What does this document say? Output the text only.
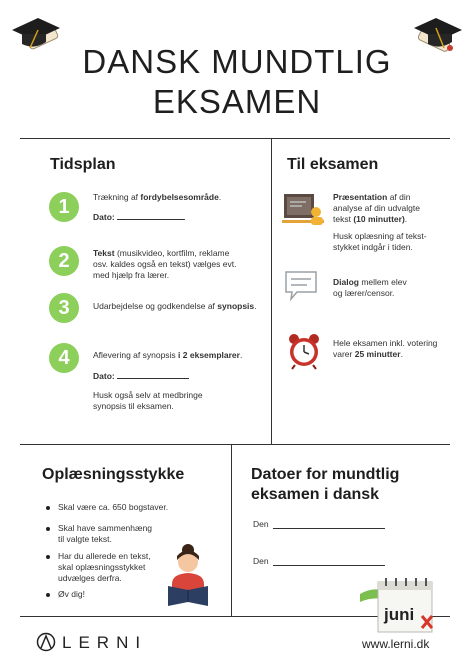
DANSK MUNDTLIG
EKSAMEN
Tidsplan
1	Trækning af fordybelsesområde.
Dato:
2	Tekst (musikvideo, kortfilm, reklame
osv. kaldes også en tekst) vælges evt.
med hjælp fra lærer.
3	Udarbejdelse og godkendelse af synopsis.
4	Aflevering af synopsis i 2 eksemplarer.
Dato:
Husk også selv at medbringe
synopsis til eksamen.
Til eksamen
Præsentation af din
analyse af din udvalgte
tekst (10 minutter).
Husk oplæsning af tekst-
stykket indgår i tiden.
Dialog mellem elev
og lærer/censor.
Hele eksamen inkl. votering
varer 25 minutter.
Oplæsningsstykke
Skal være ca. 650 bogstaver.
Skal have sammenhæng
til valgte tekst.
Har du allerede en tekst,
skal oplæsningsstykket
udvælges derfra.
Øv dig!
Datoer for mundtlig
eksamen i dansk
Den
Den
juni
LERNI	www.lerni.dk
